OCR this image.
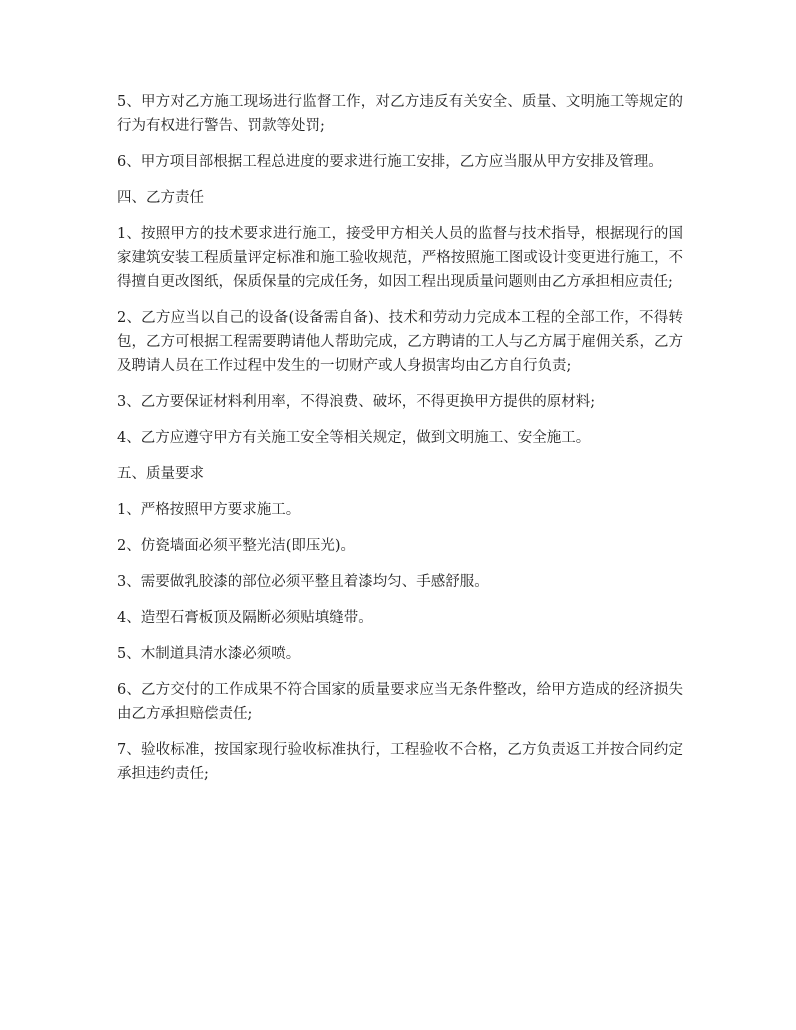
5、甲方对乙方施工现场进行监督工作，对乙方违反有关安全、质量、文明施工等规定的行为有权进行警告、罚款等处罚;

6、甲方项目部根据工程总进度的要求进行施工安排，乙方应当服从甲方安排及管理。

四、乙方责任

1、按照甲方的技术要求进行施工，接受甲方相关人员的监督与技术指导，根据现行的国家建筑安装工程质量评定标准和施工验收规范，严格按照施工图或设计变更进行施工，不得擅自更改图纸，保质保量的完成任务，如因工程出现质量问题则由乙方承担相应责任;

2、乙方应当以自己的设备(设备需自备)、技术和劳动力完成本工程的全部工作，不得转包，乙方可根据工程需要聘请他人帮助完成，乙方聘请的工人与乙方属于雇佣关系，乙方及聘请人员在工作过程中发生的一切财产或人身损害均由乙方自行负责;

3、乙方要保证材料利用率，不得浪费、破坏，不得更换甲方提供的原材料;

4、乙方应遵守甲方有关施工安全等相关规定，做到文明施工、安全施工。

五、质量要求

1、严格按照甲方要求施工。

2、仿瓷墙面必须平整光洁(即压光)。

3、需要做乳胶漆的部位必须平整且着漆均匀、手感舒服。

4、造型石膏板顶及隔断必须贴填缝带。

5、木制道具清水漆必须喷。

6、乙方交付的工作成果不符合国家的质量要求应当无条件整改，给甲方造成的经济损失由乙方承担赔偿责任;

7、验收标准，按国家现行验收标准执行，工程验收不合格，乙方负责返工并按合同约定承担违约责任;
